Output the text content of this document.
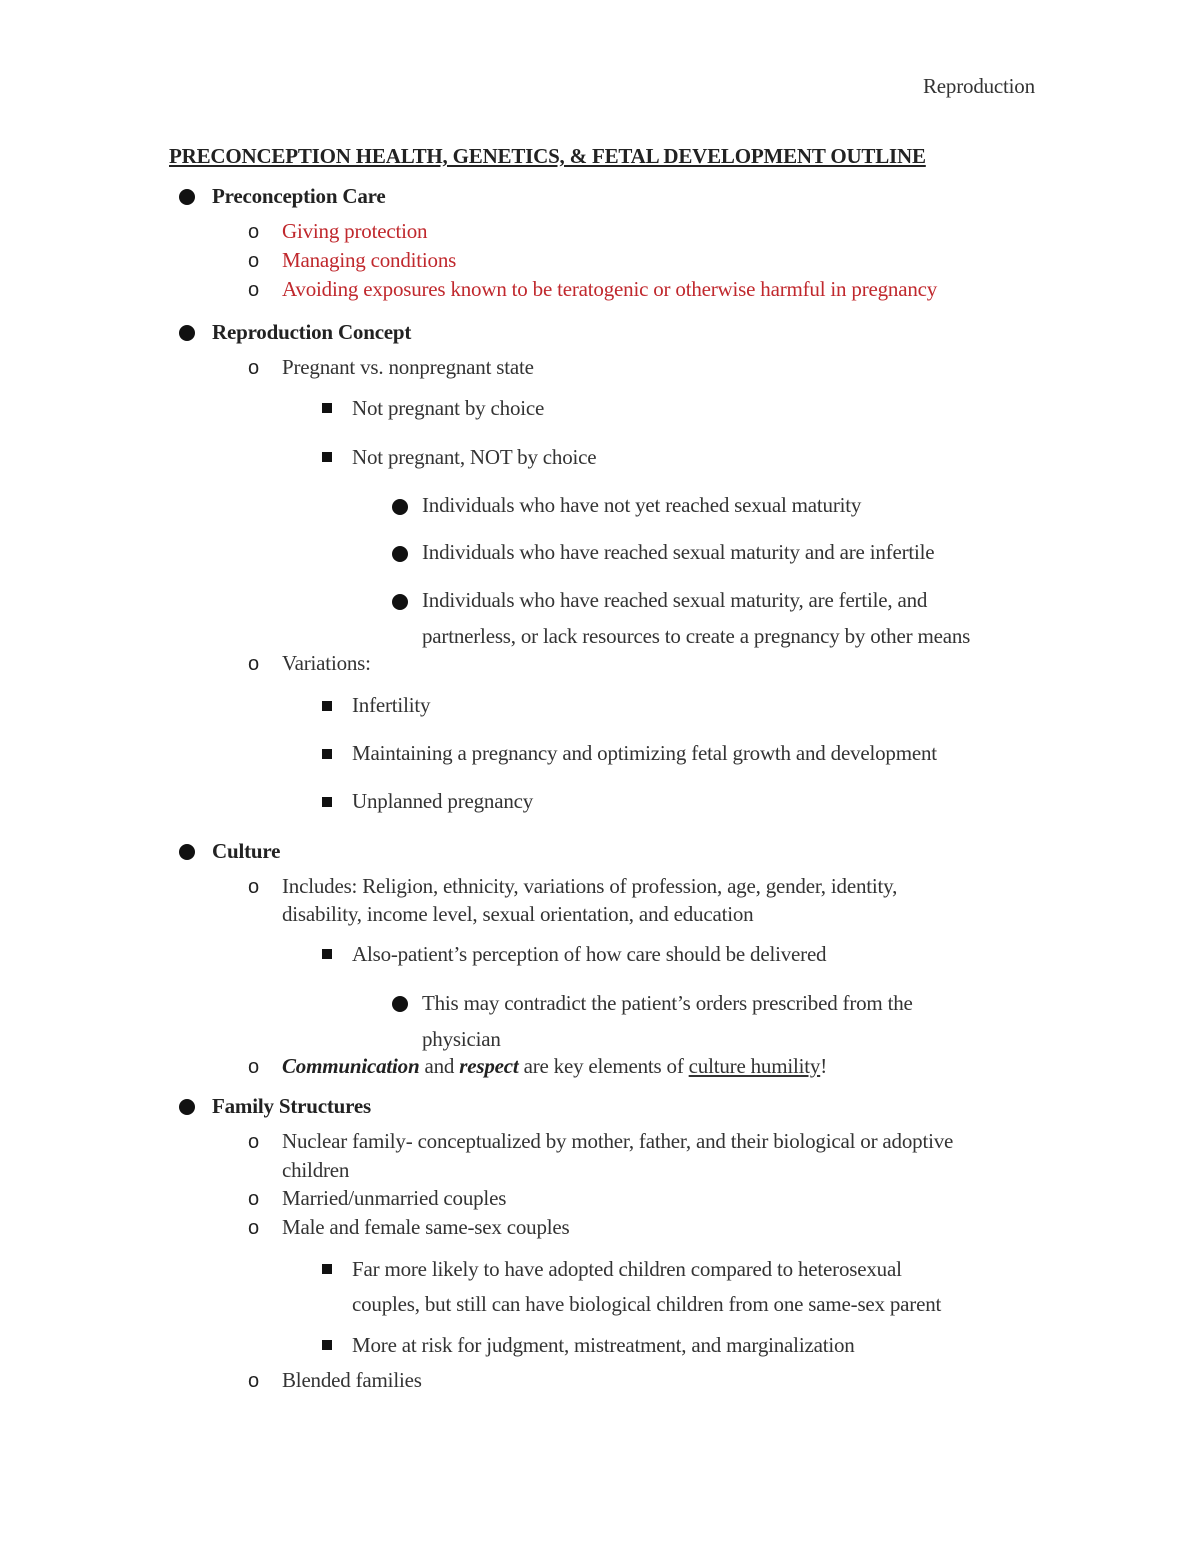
Reproduction
PRECONCEPTION HEALTH, GENETICS, & FETAL DEVELOPMENT OUTLINE
Preconception Care
o Giving protection
o Managing conditions
o Avoiding exposures known to be teratogenic or otherwise harmful in pregnancy
Reproduction Concept
o Pregnant vs. nonpregnant state
Not pregnant by choice
Not pregnant, NOT by choice
Individuals who have not yet reached sexual maturity
Individuals who have reached sexual maturity and are infertile
Individuals who have reached sexual maturity, are fertile, and
partnerless, or lack resources to create a pregnancy by other means
o Variations:
Infertility
Maintaining a pregnancy and optimizing fetal growth and development
Unplanned pregnancy
Culture
o Includes: Religion, ethnicity, variations of profession, age, gender, identity,
disability, income level, sexual orientation, and education
Also-patient’s perception of how care should be delivered
This may contradict the patient’s orders prescribed from the
physician
o Communication and respect are key elements of culture humility!
Family Structures
o Nuclear family- conceptualized by mother, father, and their biological or adoptive
children
o Married/unmarried couples
o Male and female same-sex couples
Far more likely to have adopted children compared to heterosexual
couples, but still can have biological children from one same-sex parent
More at risk for judgment, mistreatment, and marginalization
o Blended families
